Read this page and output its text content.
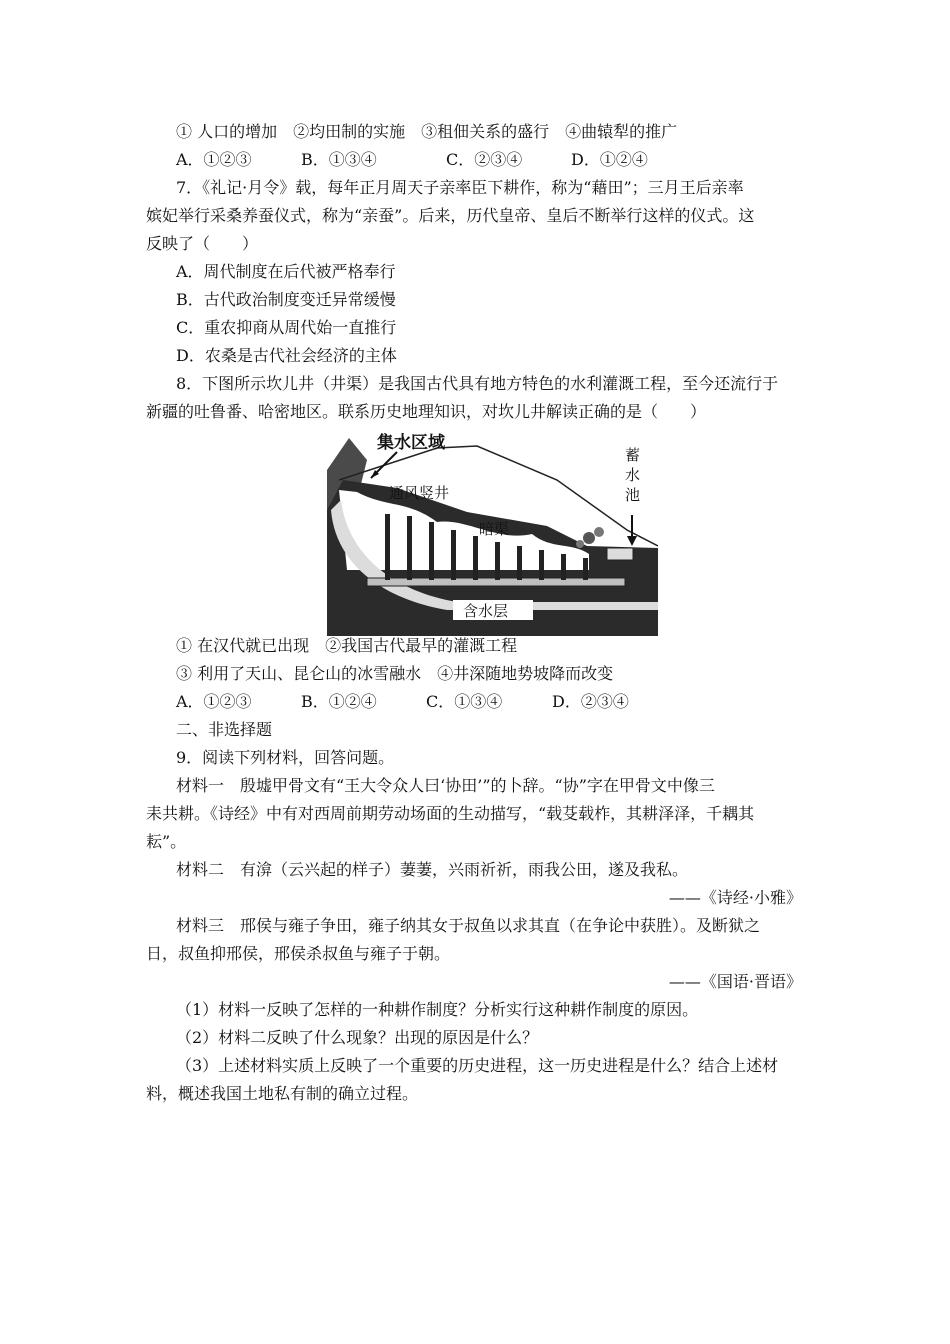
① 人口的增加　②均田制的实施　③租佃关系的盛行　④曲辕犁的推广
A．①②③	B．①③④	C．②③④	D．①②④
7．《礼记·月令》载，每年正月周天子亲率臣下耕作，称为“藉田”；三月王后亲率
嫔妃举行采桑养蚕仪式，称为“亲蚕”。后来，历代皇帝、皇后不断举行这样的仪式。这
反映了（　　）
A．周代制度在后代被严格奉行
B．古代政治制度变迁异常缓慢
C．重农抑商从周代始一直推行
D．农桑是古代社会经济的主体
8．下图所示坎儿井（井渠）是我国古代具有地方特色的水利灌溉工程，至今还流行于
新疆的吐鲁番、哈密地区。联系历史地理知识，对坎儿井解读正确的是（　　）
集水区域
通风竖井
暗渠
蓄
水
池
含水层
① 在汉代就已出现　②我国古代最早的灌溉工程
③ 利用了天山、昆仑山的冰雪融水　④井深随地势坡降而改变
A．①②③	B．①②④	C．①③④	D．②③④
二、非选择题
9．阅读下列材料，回答问题。
材料一　殷墟甲骨文有“王大令众人曰‘协田’”的卜辞。“协”字在甲骨文中像三
耒共耕。《诗经》中有对西周前期劳动场面的生动描写，“载芟载柞，其耕泽泽，千耦其
耘”。
材料二　有渰（云兴起的样子）萋萋，兴雨祈祈，雨我公田，遂及我私。
——《诗经·小雅》
材料三　邢侯与雍子争田，雍子纳其女于叔鱼以求其直（在争论中获胜）。及断狱之
日，叔鱼抑邢侯，邢侯杀叔鱼与雍子于朝。
——《国语·晋语》
（1）材料一反映了怎样的一种耕作制度？分析实行这种耕作制度的原因。
（2）材料二反映了什么现象？出现的原因是什么？
（3）上述材料实质上反映了一个重要的历史进程，这一历史进程是什么？结合上述材
料，概述我国土地私有制的确立过程。
